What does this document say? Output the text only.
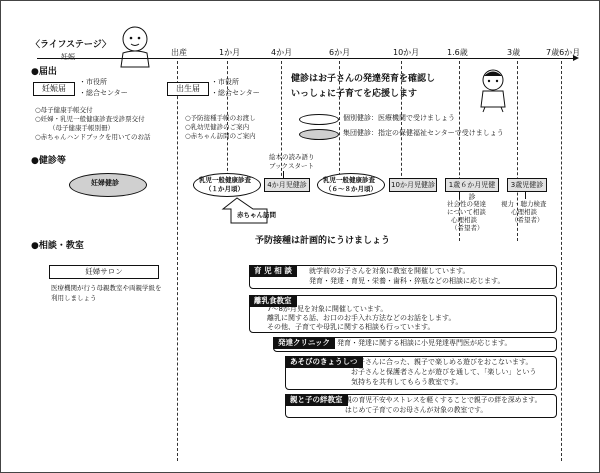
〈ライフステージ〉
妊娠	出産	1か月	4か月	6か月	10か月	1.6歳	3歳	7歳6か月
●届出
妊娠届
・市役所
・総合センター	出生届
・市役所
・総合センター
○母子健康手帳交付
○妊婦・乳児一般健康診査受診票交付
（母子健康手帳別冊）
○赤ちゃんハンドブックを用いてのお話
○予防接種手帳のお渡し
○乳幼児健診のご案内
○赤ちゃん訪問のご案内
健診はお子さんの発達発育を確認し
いっしょに子育てを応援します
個別健診：医療機関で受けましょう
集団健診：指定の保健福祉センターで受けましょう
●健診等
妊婦健診
絵本の読み語り
ブックスタート
乳児一般健康診査
（１か月頃）	4か月児健診
乳児一般健康診査
（６～８か月頃） 10か月児健診	1歳６か月児健診
3歳児健診
赤ちゃん訪問
社会性の発達
について相談
心理相談
（希望者）
視力・聴力検査
心理相談
（希望者）
予防接種は計画的にうけましょう
●相談・教室
妊婦サロン
医療機関が行う母親教室や両親学級を
利用しましょう
育 児 相 談	就学前のお子さんを対象に教室を開催しています。
発育・発達・育児・栄養・歯科・猝瓶などの相談に応じます。
離乳食教室
7～8か月児を対象に開催しています。
離乳に関する話、お口のお手入れ方法などのお話をします。
その他、子育てや母乳に関する相談も行っています。
発達クリニック 発育・発達に関する相談に小児発達専門医が応じます。
あそびのきょうしつ
お子さんに合った、親子で楽しめる遊びをおこないます。
お子さんと保護者さんとが遊びを通して、「楽しい」という
気持ちを共有してもらう教室です。
親と子の絆教室 親の育児不安やストレスを軽くすることで親子の絆を深めます。
はじめて子育てのお母さんが対象の教室です。
